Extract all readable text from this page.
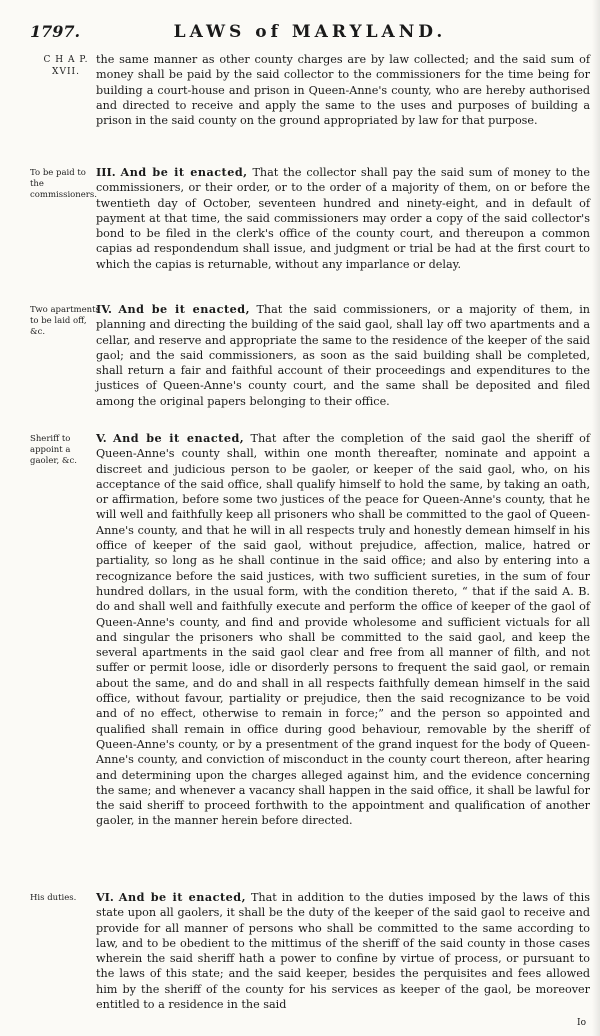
1797.	LAWS of MARYLAND.
C H A P.
XVII.
To be paid to the commissioners.
Two apartments to be laid off, &c.
Sheriff to appoint a gaoler, &c.
His duties.

the same manner as other county charges are by law collected; and the said sum of money shall be paid by the said collector to the commissioners for the time being for building a court-house and prison in Queen-Anne's county, who are hereby authorised and directed to receive and apply the same to the uses and purposes of building a prison in the said county on the ground appropriated by law for that purpose.

III. And be it enacted, That the collector shall pay the said sum of money to the commissioners, or their order, or to the order of a majority of them, on or before the twentieth day of October, seventeen hundred and ninety-eight, and in default of payment at that time, the said commissioners may order a copy of the said collector's bond to be filed in the clerk's office of the county court, and thereupon a common capias ad respondendum shall issue, and judgment or trial be had at the first court to which the capias is returnable, without any imparlance or delay.

IV. And be it enacted, That the said commissioners, or a majority of them, in planning and directing the building of the said gaol, shall lay off two apartments and a cellar, and reserve and appropriate the same to the residence of the keeper of the said gaol; and the said commissioners, as soon as the said building shall be completed, shall return a fair and faithful account of their proceedings and expenditures to the justices of Queen-Anne's county court, and the same shall be deposited and filed among the original papers belonging to their office.

V. And be it enacted, That after the completion of the said gaol the sheriff of Queen-Anne's county shall, within one month thereafter, nominate and appoint a discreet and judicious person to be gaoler, or keeper of the said gaol, who, on his acceptance of the said office, shall qualify himself to hold the same, by taking an oath, or affirmation, before some two justices of the peace for Queen-Anne's county, that he will well and faithfully keep all prisoners who shall be committed to the gaol of Queen-Anne's county, and that he will in all respects truly and honestly demean himself in his office of keeper of the said gaol, without prejudice, affection, malice, hatred or partiality, so long as he shall continue in the said office; and also by entering into a recognizance before the said justices, with two sufficient sureties, in the sum of four hundred dollars, in the usual form, with the condition thereto, “ that if the said A. B. do and shall well and faithfully execute and perform the office of keeper of the gaol of Queen-Anne's county, and find and provide wholesome and sufficient victuals for all and singular the prisoners who shall be committed to the said gaol, and keep the several apartments in the said gaol clear and free from all manner of filth, and not suffer or permit loose, idle or disorderly persons to frequent the said gaol, or remain about the same, and do and shall in all respects faithfully demean himself in the said office, without favour, partiality or prejudice, then the said recognizance to be void and of no effect, otherwise to remain in force;” and the person so appointed and qualified shall remain in office during good behaviour, removable by the sheriff of Queen-Anne's county, or by a presentment of the grand inquest for the body of Queen-Anne's county, and conviction of misconduct in the county court thereon, after hearing and determining upon the charges alleged against him, and the evidence concerning the same; and whenever a vacancy shall happen in the said office, it shall be lawful for the said sheriff to proceed forthwith to the appointment and qualification of another gaoler, in the manner herein before directed.

VI. And be it enacted, That in addition to the duties imposed by the laws of this state upon all gaolers, it shall be the duty of the keeper of the said gaol to receive and provide for all manner of persons who shall be committed to the same according to law, and to be obedient to the mittimus of the sheriff of the said county in those cases wherein the said sheriff hath a power to confine by virtue of process, or pursuant to the laws of this state; and the said keeper, besides the perquisites and fees allowed him by the sheriff of the county for his services as keeper of the gaol, be moreover entitled to a residence in the said

Io
